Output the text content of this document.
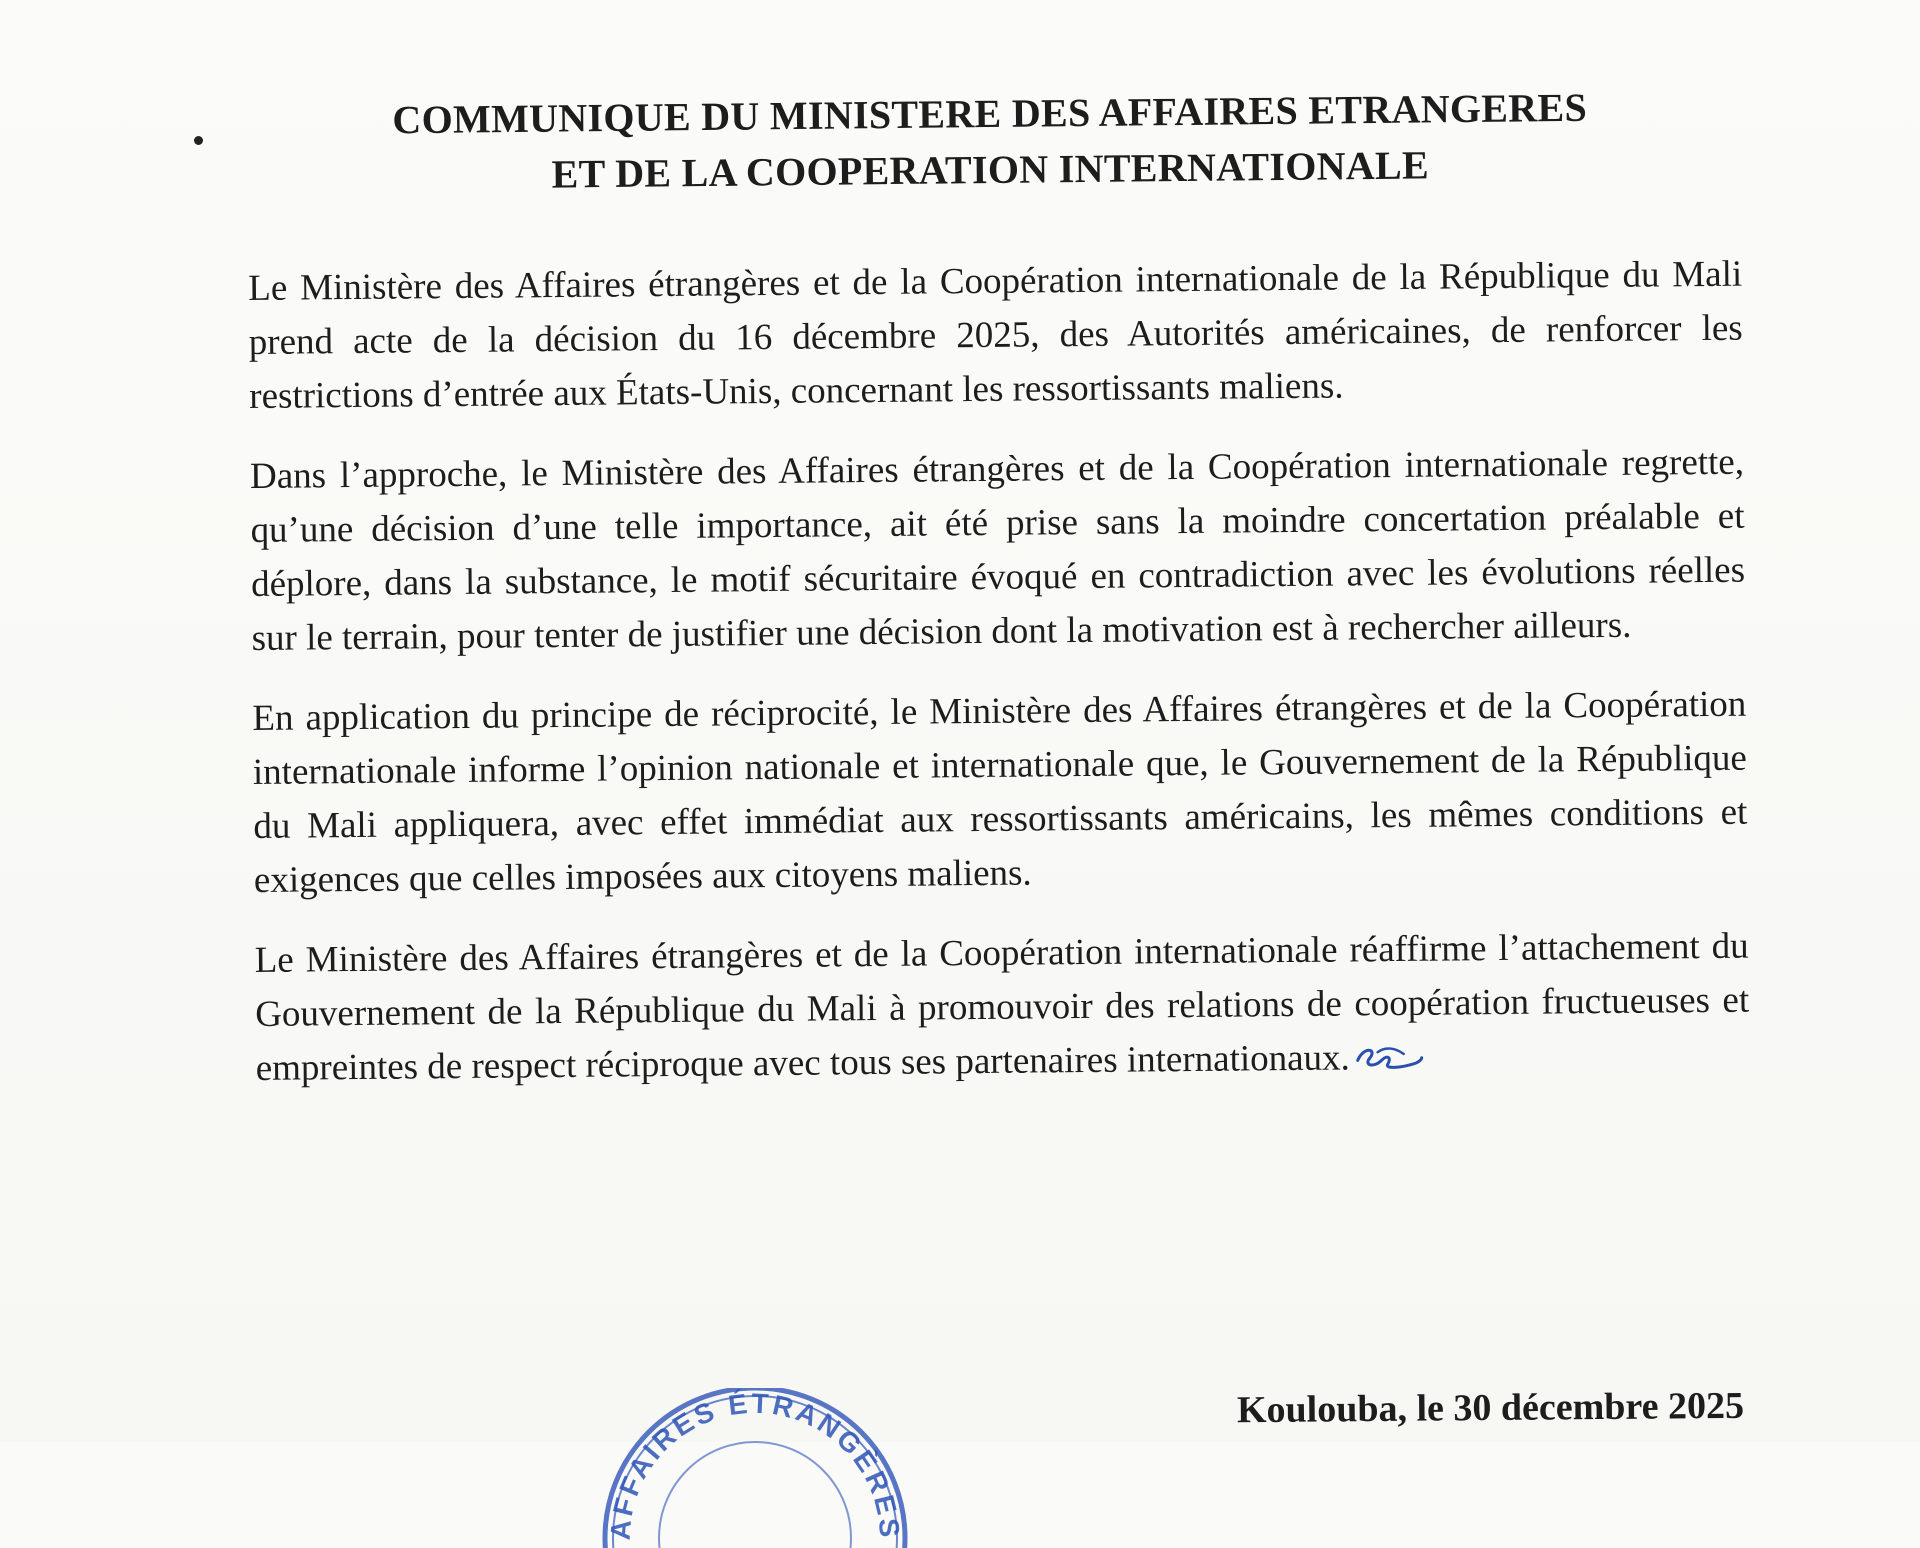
COMMUNIQUE DU MINISTERE DES AFFAIRES ETRANGERES
ET DE LA COOPERATION INTERNATIONALE

Le Ministère des Affaires étrangères et de la Coopération internationale de la République du Mali prend acte de la décision du 16 décembre 2025, des Autorités américaines, de renforcer les restrictions d’entrée aux États-Unis, concernant les ressortissants maliens.

Dans l’approche, le Ministère des Affaires étrangères et de la Coopération internationale regrette, qu’une décision d’une telle importance, ait été prise sans la moindre concertation préalable et déplore, dans la substance, le motif sécuritaire évoqué en contradiction avec les évolutions réelles sur le terrain, pour tenter de justifier une décision dont la motivation est à rechercher ailleurs.

En application du principe de réciprocité, le Ministère des Affaires étrangères et de la Coopération internationale informe l’opinion nationale et internationale que, le Gouvernement de la République du Mali appliquera, avec effet immédiat aux ressortissants américains, les mêmes conditions et exigences que celles imposées aux citoyens maliens.

Le Ministère des Affaires étrangères et de la Coopération internationale réaffirme l’attachement du Gouvernement de la République du Mali à promouvoir des relations de coopération fructueuses et empreintes de respect réciproque avec tous ses partenaires internationaux.

Koulouba, le 30 décembre 2025
AFFAIRES ÉTRANGÈRES
